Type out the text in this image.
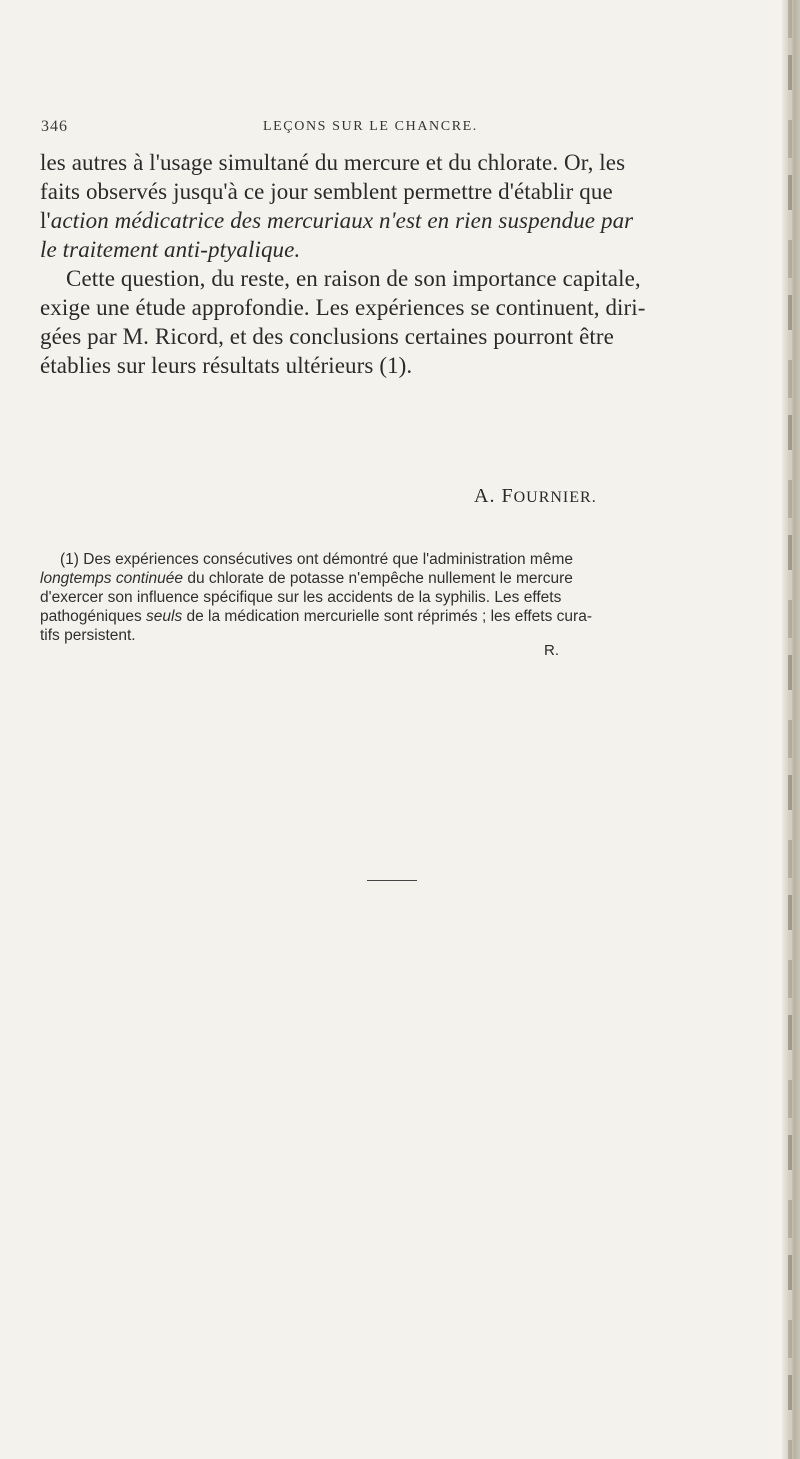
346	LEÇONS SUR LE CHANCRE.
les autres à l'usage simultané du mercure et du chlorate. Or, les
faits observés jusqu'à ce jour semblent permettre d'établir que
l'action médicatrice des mercuriaux n'est en rien suspendue par
le traitement anti-ptyalique.
Cette question, du reste, en raison de son importance capitale,
exige une étude approfondie. Les expériences se continuent, diri-
gées par M. Ricord, et des conclusions certaines pourront être
établies sur leurs résultats ultérieurs (1).
A. FOURNIER.
(1) Des expériences consécutives ont démontré que l'administration même
longtemps continuée du chlorate de potasse n'empêche nullement le mercure
d'exercer son influence spécifique sur les accidents de la syphilis. Les effets
pathogéniques seuls de la médication mercurielle sont réprimés ; les effets cura-
tifs persistent.
R.
